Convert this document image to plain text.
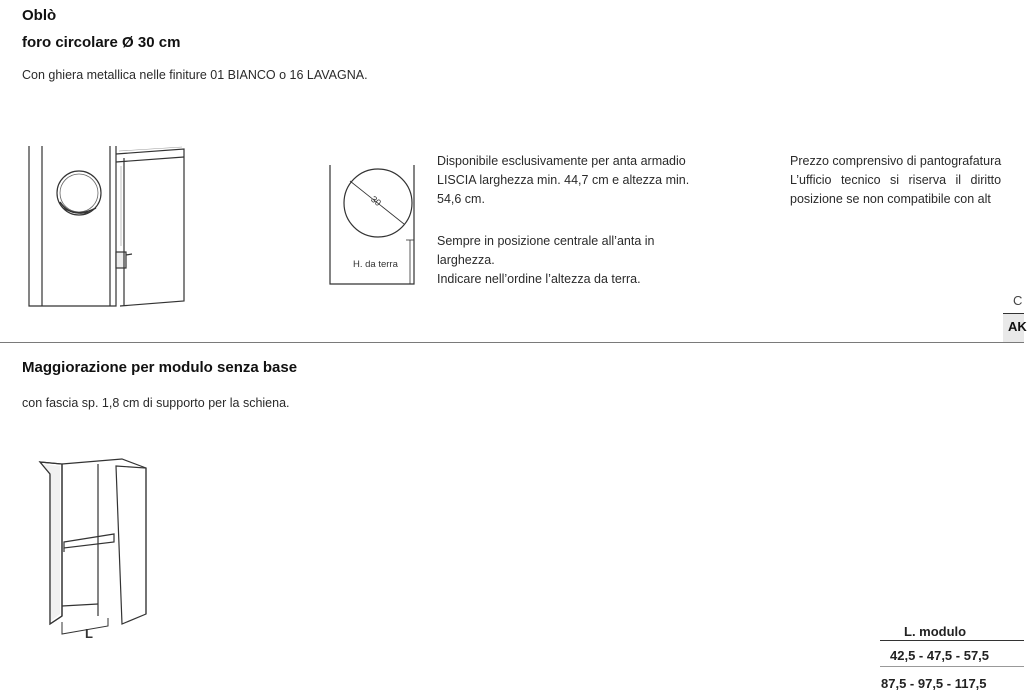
Oblò
foro circolare Ø 30 cm
Con ghiera metallica nelle finiture 01 BIANCO o 16 LAVAGNA.
30
H. da terra
Disponibile esclusivamente per anta armadio
LISCIA larghezza min. 44,7 cm e altezza min.
54,6 cm.
Sempre in posizione centrale all’anta in
larghezza.
Indicare nell’ordine l’altezza da terra.
Prezzo comprensivo di pantografatura
L’ufficio tecnico si riserva il diritto
posizione se non compatibile con alt
C
AK
Maggiorazione per modulo senza base
con fascia sp. 1,8 cm di supporto per la schiena.
L	L. modulo
42,5 - 47,5 - 57,5
87,5 - 97,5 - 117,5
